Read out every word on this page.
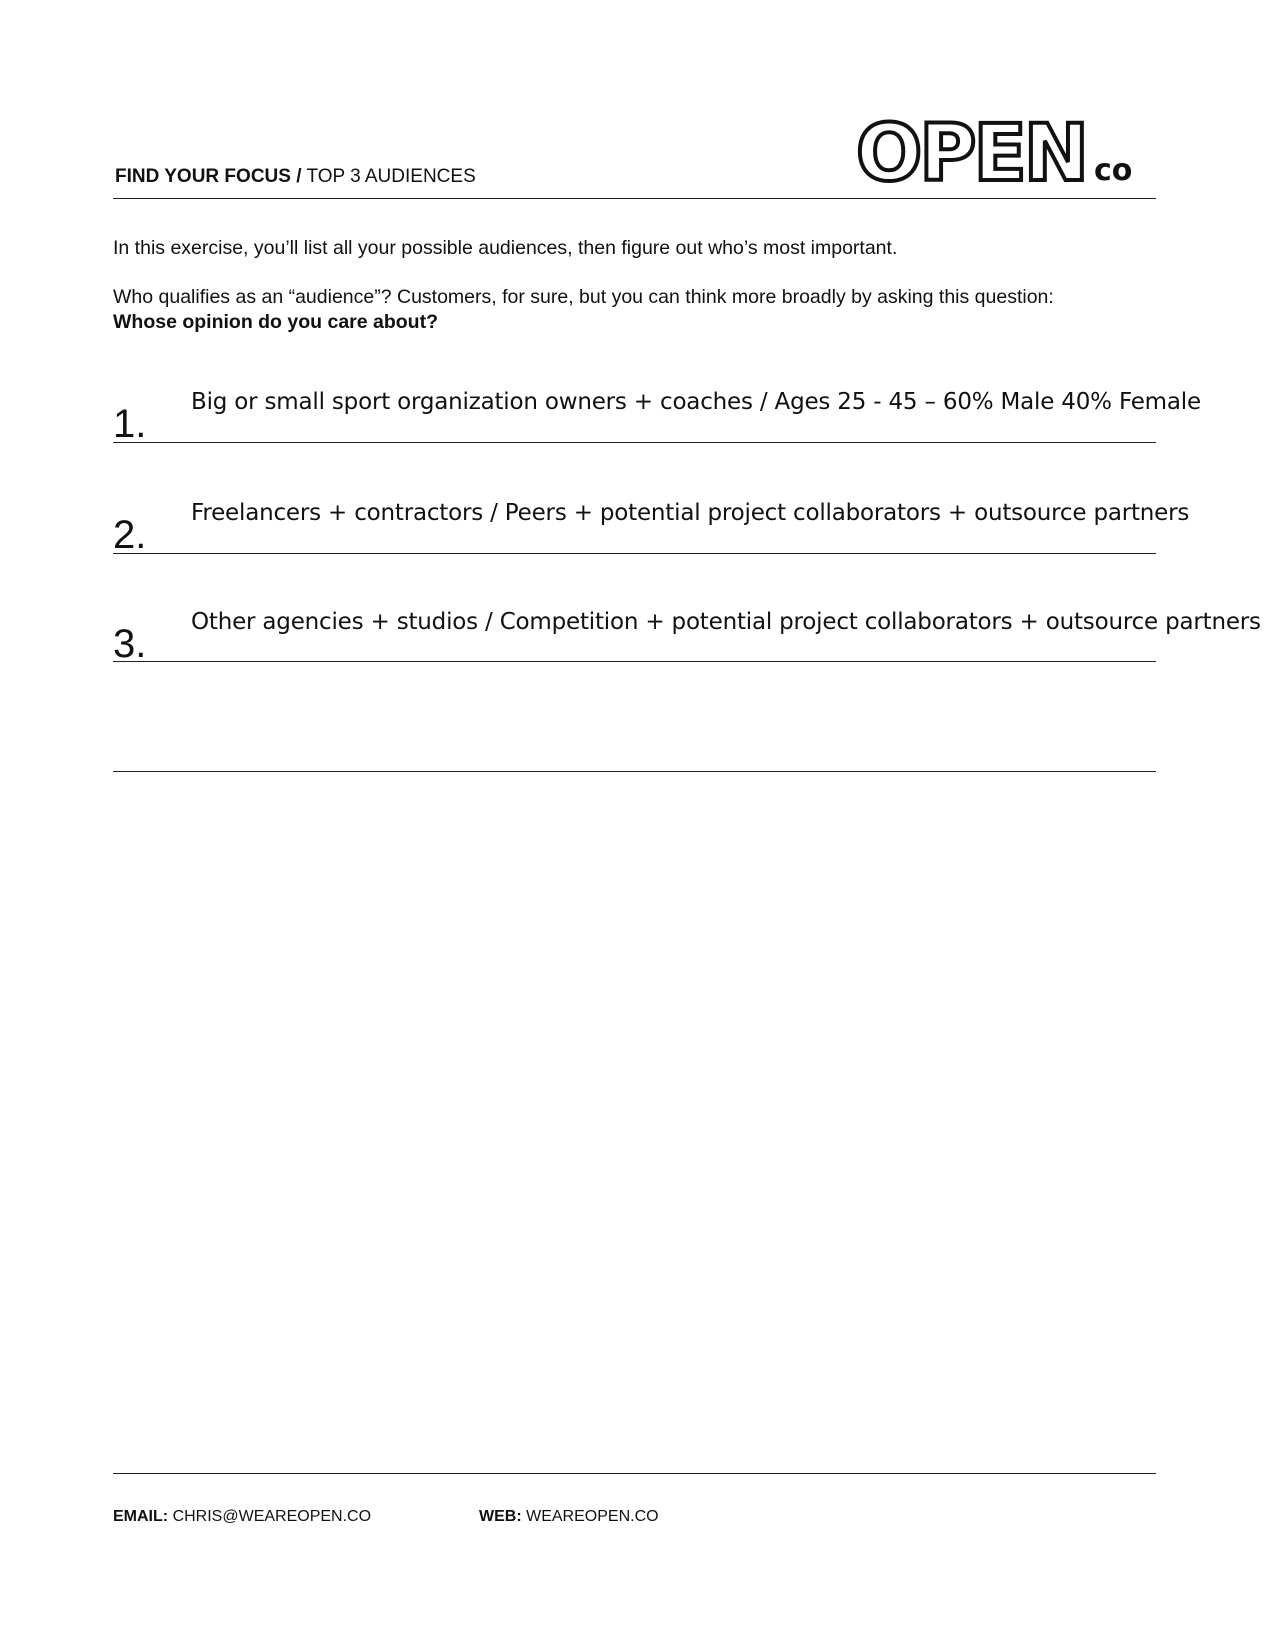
FIND YOUR FOCUS / TOP 3 AUDIENCES	OPEN co

In this exercise, you’ll list all your possible audiences, then figure out who’s most important.

Who qualifies as an “audience”? Customers, for sure, but you can think more broadly by asking this question:

Whose opinion do you care about?

1. Big or small sport organization owners + coaches / Ages 25 - 45 – 60% Male 40% Female
2. Freelancers + contractors / Peers + potential project collaborators + outsource partners
3. Other agencies + studios / Competition + potential project collaborators + outsource partners
EMAIL: CHRIS@WEAREOPEN.CO	WEB: WEAREOPEN.CO
